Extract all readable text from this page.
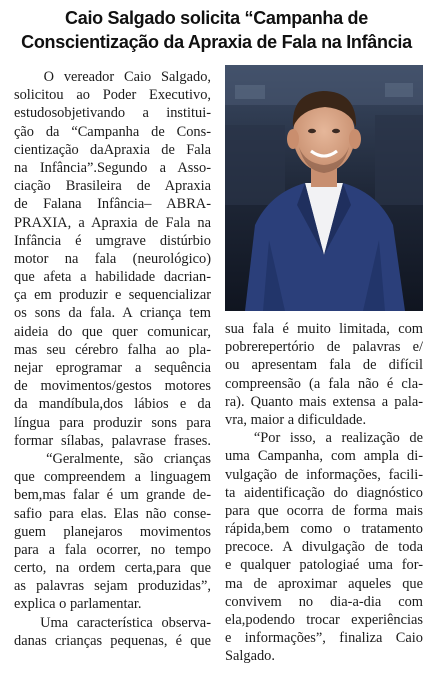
Caio Salgado solicita “Campanha de
Conscientização da Apraxia de Fala na Infância
O vereador Caio Salgado,
solicitou ao Poder Executivo,
estudosobjetivando a institui-
ção da “Campanha de Cons-
cientização daApraxia de Fala
na Infância”.Segundo a Asso-
ciação Brasileira de Apraxia
de Falana Infância– ABRA-
PRAXIA, a Apraxia de Fala na
Infância é umgrave distúrbio
motor na fala (neurológico)
que afeta a habilidade dacrian-
ça em produzir e sequencializar
os sons da fala. A criança tem
aideia do que quer comunicar,
mas seu cérebro falha ao pla-
nejar eprogramar a sequência
de movimentos/gestos motores
da mandíbula,dos lábios e da
língua para produzir sons para
formar sílabas, palavrase frases.
“Geralmente, são crianças
que compreendem a linguagem
bem,mas falar é um grande de-
safio para elas. Elas não conse-
guem planejaros movimentos
para a fala ocorrer, no tempo
certo, na ordem certa,para que
as palavras sejam produzidas”,
explica o parlamentar.
Uma característica observa-
danas crianças pequenas, é que
sua fala é muito limitada, com
pobrerepertório de palavras e/
ou apresentam fala de difícil
compreensão (a fala não é cla-
ra). Quanto mais extensa a pala-
vra, maior a dificuldade.
“Por isso, a realização de
uma Campanha, com ampla di-
vulgação de informações, facili-
ta aidentificação do diagnóstico
para que ocorra de forma mais
rápida,bem como o tratamento
precoce. A divulgação de toda
e qualquer patologiaé uma for-
ma de aproximar aqueles que
convivem no dia-a-dia com
ela,podendo trocar experiências
e informações”, finaliza Caio
Salgado.
